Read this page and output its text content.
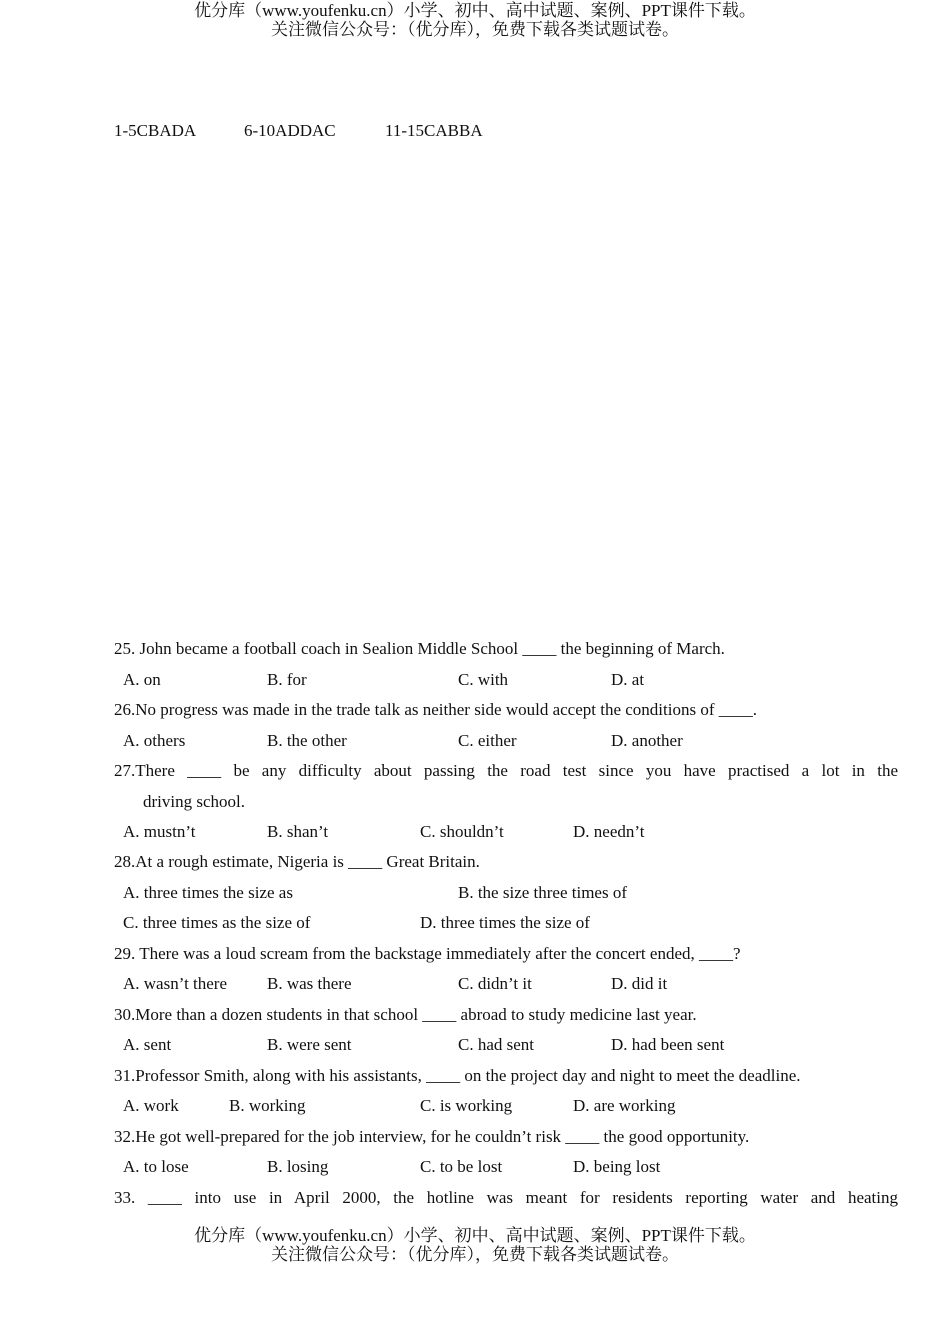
优分库（www.youfenku.cn）小学、初中、高中试题、案例、PPT课件下载。
关注微信公众号：（优分库），免费下载各类试题试卷。
1-5CBADA	6-10ADDAC	11-15CABBA
25. John became a football coach in Sealion Middle School ____ the beginning of March.
A. on	B. for	C. with	D. at
26.No progress was made in the trade talk as neither side would accept the conditions of ____.
A. others	B. the other	C. either	D. another
27.There ____ be any difficulty about passing the road test since you have practised a lot in the
driving school.
A. mustn’t	B. shan’t	C. shouldn’t	D. needn’t
28.At a rough estimate, Nigeria is ____ Great Britain.
A. three times the size as	B. the size three times of
C. three times as the size of	D. three times the size of
29. There was a loud scream from the backstage immediately after the concert ended, ____?
A. wasn’t there B. was there	C. didn’t it	D. did it
30.More than a dozen students in that school ____ abroad to study medicine last year.
A. sent	B. were sent	C. had sent	D. had been sent
31.Professor Smith, along with his assistants, ____ on the project day and night to meet the deadline.
A. work	B. working	C. is working	D. are working
32.He got well-prepared for the job interview, for he couldn’t risk ____ the good opportunity.
A. to lose	B. losing	C. to be lost	D. being lost
33. ____ into use in April 2000, the hotline was meant for residents reporting water and heating
优分库（www.youfenku.cn）小学、初中、高中试题、案例、PPT课件下载。
关注微信公众号：（优分库），免费下载各类试题试卷。
